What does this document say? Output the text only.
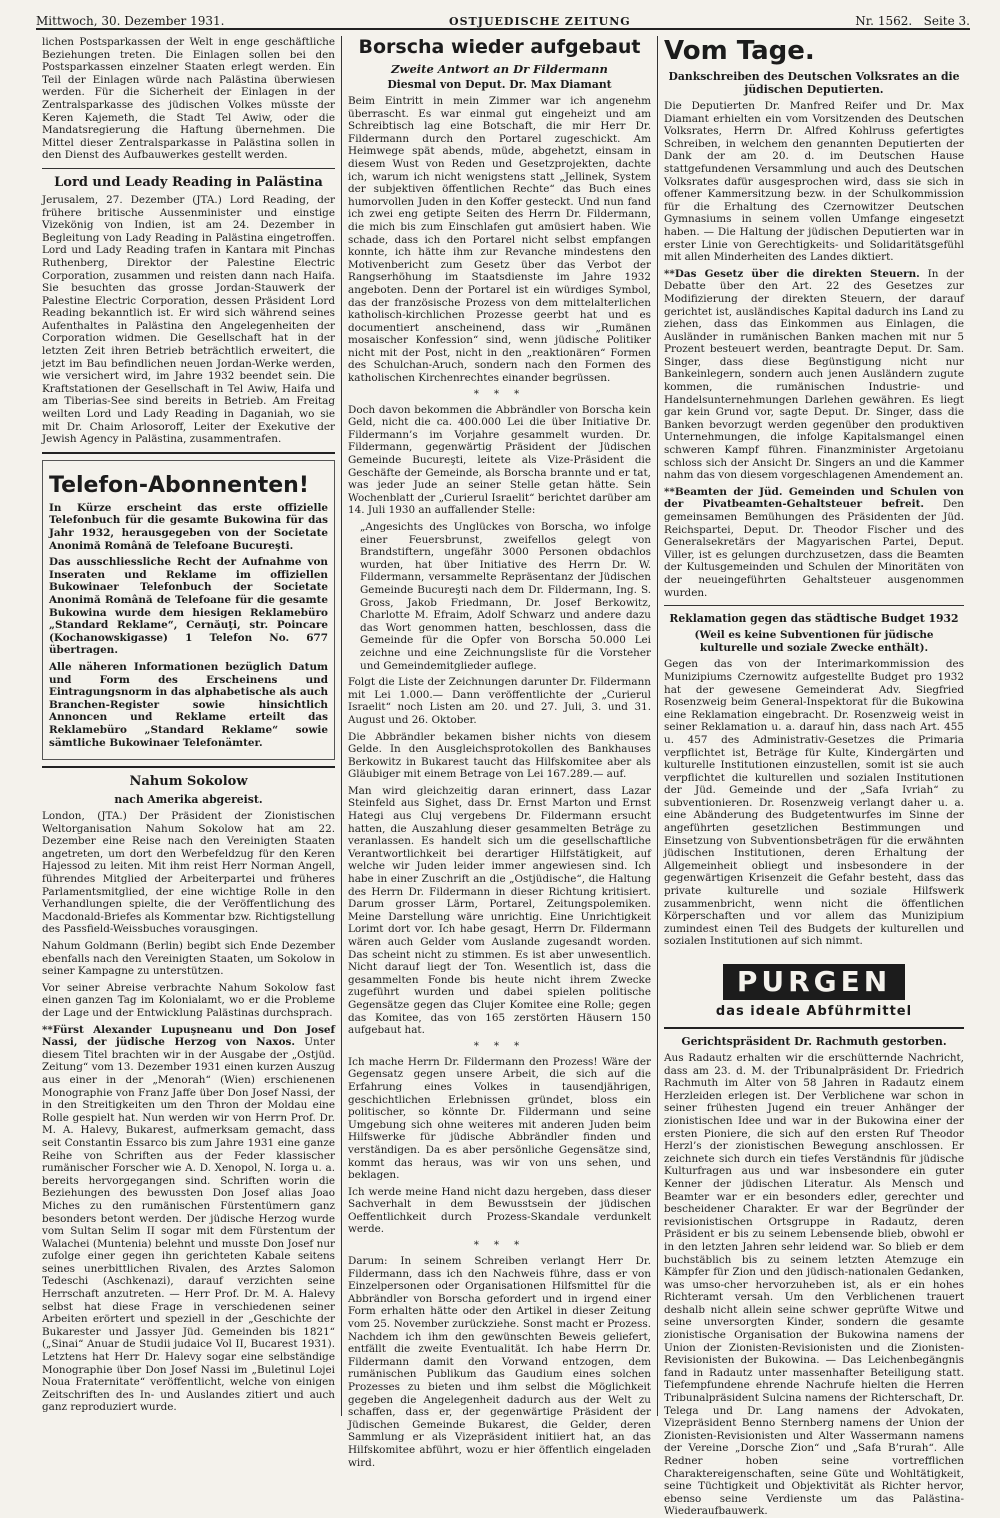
Mittwoch, 30. Dezember 1931.	OSTJUEDISCHE ZEITUNG	Nr. 1562. Seite 3.

lichen Postsparkassen der Welt in enge geschäftliche Beziehungen treten. Die Einlagen sollen bei den Postsparkassen einzelner Staaten erlegt werden. Ein Teil der Einlagen würde nach Palästina überwiesen werden. Für die Sicherheit der Einlagen in der Zentralsparkasse des jüdischen Volkes müsste der Keren Kajemeth, die Stadt Tel Awiw, oder die Mandatsregierung die Haftung übernehmen. Die Mittel dieser Zentralsparkasse in Palästina sollen in den Dienst des Aufbauwerkes gestellt werden.

Lord und Leady Reading in Palästina

Jerusalem, 27. Dezember (JTA.) Lord Reading, der frühere britische Aussenminister und einstige Vizekönig von Indien, ist am 24. Dezember in Begleitung von Lady Reading in Palästina eingetroffen. Lord und Lady Reading trafen in Kantara mit Pinchas Ruthenberg, Direktor der Palestine Electric Corporation, zusammen und reisten dann nach Haifa. Sie besuchten das grosse Jordan-Stauwerk der Palestine Electric Corporation, dessen Präsident Lord Reading bekanntlich ist. Er wird sich während seines Aufenthaltes in Palästina den Angelegenheiten der Corporation widmen. Die Gesellschaft hat in der letzten Zeit ihren Betrieb beträchtlich erweitert, die jetzt im Bau befindlichen neuen Jordan-Werke werden, wie versichert wird, im Jahre 1932 beendet sein. Die Kraftstationen der Gesellschaft in Tel Awiw, Haifa und am Tiberias-See sind bereits in Betrieb. Am Freitag weilten Lord und Lady Reading in Daganiah, wo sie mit Dr. Chaim Arlosoroff, Leiter der Exekutive der Jewish Agency in Palästina, zusammentrafen.

Telefon-Abonnenten!

In Kürze erscheint das erste offizielle Telefonbuch für die gesamte Bukowina für das Jahr 1932, herausgegeben von der Societate Anonimă Română de Telefoane Bucureşti.

Das ausschliessliche Recht der Aufnahme von Inseraten und Reklame im offiziellen Bukowinaer Telefonbuch der Societate Anonimă Română de Telefoane für die gesamte Bukowina wurde dem hiesigen Reklamebüro „Standard Reklame“, Cernăuţi, str. Poincare (Kochanowskigasse) 1 Telefon No. 677 übertragen.

Alle näheren Informationen bezüglich Datum und Form des Erscheinens und Eintragungsnorm in das alphabetische als auch Branchen-Register sowie hinsichtlich Annoncen und Reklame erteilt das Reklamebüro „Standard Reklame“ sowie sämtliche Bukowinaer Telefonämter.

Nahum Sokolow
nach Amerika abgereist.

London, (JTA.) Der Präsident der Zionistischen Weltorganisation Nahum Sokolow hat am 22. Dezember eine Reise nach den Vereinigten Staaten angetreten, um dort den Werbefeldzug für den Keren Hajessod zu leiten. Mit ihm reist Herr Norman Angell, führendes Mitglied der Arbeiterpartei und früheres Parlamentsmitglied, der eine wichtige Rolle in den Verhandlungen spielte, die der Veröffentlichung des Macdonald-Briefes als Kommentar bzw. Richtigstellung des Passfield-Weissbuches vorausgingen.

Nahum Goldmann (Berlin) begibt sich Ende Dezember ebenfalls nach den Vereinigten Staaten, um Sokolow in seiner Kampagne zu unterstützen.

Vor seiner Abreise verbrachte Nahum Sokolow fast einen ganzen Tag im Kolonialamt, wo er die Probleme der Lage und der Entwicklung Palästinas durchsprach.

**Fürst Alexander Lupuşneanu und Don Josef Nassi, der jüdische Herzog von Naxos. Unter diesem Titel brachten wir in der Ausgabe der „Ostjüd. Zeitung“ vom 13. Dezember 1931 einen kurzen Auszug aus einer in der „Menorah“ (Wien) erschienenen Monographie von Franz Jaffe über Don Josef Nassi, der in den Streitigkeiten um den Thron der Moldau eine Rolle gespielt hat. Nun werden wir von Herrn Prof. Dr. M. A. Halevy, Bukarest, aufmerksam gemacht, dass seit Constantin Essarco bis zum Jahre 1931 eine ganze Reihe von Schriften aus der Feder klassischer rumänischer Forscher wie A. D. Xenopol, N. Iorga u. a. bereits hervorgegangen sind. Schriften worin die Beziehungen des bewussten Don Josef alias Joao Miches zu den rumänischen Fürstentümern ganz besonders betont werden. Der jüdische Herzog wurde vom Sultan Selim II sogar mit dem Fürstentum der Walachei (Muntenia) belehnt und musste Don Josef nur zufolge einer gegen ihn gerichteten Kabale seitens seines unerbittlichen Rivalen, des Arztes Salomon Tedeschi (Aschkenazi), darauf verzichten seine Herrschaft anzutreten. — Herr Prof. Dr. M. A. Halevy selbst hat diese Frage in verschiedenen seiner Arbeiten erörtert und speziell in der „Geschichte der Bukarester und Jassyer Jüd. Gemeinden bis 1821“ („Sinai“ Anuar de Studii judaice Vol II, Bucarest 1931). Letztens hat Herr Dr. Halevy sogar eine selbständige Monographie über Don Josef Nassi im „Buletinul Lojei Noua Fraternitate“ veröffentlicht, welche von einigen Zeitschriften des In- und Auslandes zitiert und auch ganz reproduziert wurde.

Borscha wieder aufgebaut
Zweite Antwort an Dr Fildermann
Diesmal von Deput. Dr. Max Diamant

Beim Eintritt in mein Zimmer war ich angenehm überrascht. Es war einmal gut eingeheizt und am Schreibtisch lag eine Botschaft, die mir Herr Dr. Fildermann durch den Portarel zugeschickt. Am Heimwege spät abends, müde, abgehetzt, einsam in diesem Wust von Reden und Gesetzprojekten, dachte ich, warum ich nicht wenigstens statt „Jellinek, System der subjektiven öffentlichen Rechte“ das Buch eines humorvollen Juden in den Koffer gesteckt. Und nun fand ich zwei eng getipte Seiten des Herrn Dr. Fildermann, die mich bis zum Einschlafen gut amüsiert haben. Wie schade, dass ich den Portarel nicht selbst empfangen konnte, ich hätte ihm zur Revanche mindestens den Motivenbericht zum Gesetz über das Verbot der Rangserhöhung im Staatsdienste im Jahre 1932 angeboten. Denn der Portarel ist ein würdiges Symbol, das der französische Prozess von dem mittelalterlichen katholisch-kirchlichen Prozesse geerbt hat und es documentiert anscheinend, dass wir „Rumänen mosaischer Konfession“ sind, wenn jüdische Politiker nicht mit der Post, nicht in den „reaktionären“ Formen des Schulchan-Aruch, sondern nach den Formen des katholischen Kirchenrechtes einander begrüssen.

* * *

Doch davon bekommen die Abbrändler von Borscha kein Geld, nicht die ca. 400.000 Lei die über Initiative Dr. Fildermann’s im Vorjahre gesammelt wurden. Dr. Fildermann, gegenwärtig Präsident der Jüdischen Gemeinde Bucureşti, leitete als Vize-Präsident die Geschäfte der Gemeinde, als Borscha brannte und er tat, was jeder Jude an seiner Stelle getan hätte. Sein Wochenblatt der „Curierul Israelit“ berichtet darüber am 14. Juli 1930 an auffallender Stelle:

„Angesichts des Unglückes von Borscha, wo infolge einer Feuersbrunst, zweifellos gelegt von Brandstiftern, ungefähr 3000 Personen obdachlos wurden, hat über Initiative des Herrn Dr. W. Fildermann, versammelte Repräsentanz der Jüdischen Gemeinde Bucureşti nach dem Dr. Fildermann, Ing. S. Gross, Jakob Friedmann, Dr. Josef Berkowitz, Charlotte M. Efraim, Adolf Schwarz und andere dazu das Wort genommen hatten, beschlossen, dass die Gemeinde für die Opfer von Borscha 50.000 Lei zeichne und eine Zeichnungsliste für die Vorsteher und Gemeindemitglieder auflege.

Folgt die Liste der Zeichnungen darunter Dr. Fildermann mit Lei 1.000.— Dann veröffentlichte der „Curierul Israelit“ noch Listen am 20. und 27. Juli, 3. und 31. August und 26. Oktober.

Die Abbrändler bekamen bisher nichts von diesem Gelde. In den Ausgleichsprotokollen des Bankhauses Berkowitz in Bukarest taucht das Hilfskomitee aber als Gläubiger mit einem Betrage von Lei 167.289.— auf.

Man wird gleichzeitig daran erinnert, dass Lazar Steinfeld aus Sighet, dass Dr. Ernst Marton und Ernst Hategi aus Cluj vergebens Dr. Fildermann ersucht hatten, die Auszahlung dieser gesammelten Beträge zu veranlassen. Es handelt sich um die gesellschaftliche Verantwortlichkeit bei derartiger Hilfstätigkeit, auf welche wir Juden leider immer angewiesen sind. Ich habe in einer Zuschrift an die „Ostjüdische“, die Haltung des Herrn Dr. Fildermann in dieser Richtung kritisiert. Darum grosser Lärm, Portarel, Zeitungspolemiken. Meine Darstellung wäre unrichtig. Eine Unrichtigkeit Lorimt dort vor. Ich habe gesagt, Herrn Dr. Fildermann wären auch Gelder vom Auslande zugesandt worden. Das scheint nicht zu stimmen. Es ist aber unwesentlich. Nicht darauf liegt der Ton. Wesentlich ist, dass die gesammelten Fonde bis heute nicht ihrem Zwecke zugeführt wurden und dabei spielen politische Gegensätze gegen das Clujer Komitee eine Rolle; gegen das Komitee, das von 165 zerstörten Häusern 150 aufgebaut hat.

* * *

Ich mache Herrn Dr. Fildermann den Prozess! Wäre der Gegensatz gegen unsere Arbeit, die sich auf die Erfahrung eines Volkes in tausendjährigen, geschichtlichen Erlebnissen gründet, bloss ein politischer, so könnte Dr. Fildermann und seine Umgebung sich ohne weiteres mit anderen Juden beim Hilfswerke für jüdische Abbrändler finden und verständigen. Da es aber persönliche Gegensätze sind, kommt das heraus, was wir von uns sehen, und beklagen.

Ich werde meine Hand nicht dazu hergeben, dass dieser Sachverhalt in dem Bewusstsein der jüdischen Oeffentlichkeit durch Prozess-Skandale verdunkelt werde.

* * *

Darum: In seinem Schreiben verlangt Herr Dr. Fildermann, dass ich den Nachweis führe, dass er von Einzelpersonen oder Organisationen Hilfsmittel für die Abbrändler von Borscha gefordert und in irgend einer Form erhalten hätte oder den Artikel in dieser Zeitung vom 25. November zurückziehe. Sonst macht er Prozess. Nachdem ich ihm den gewünschten Beweis geliefert, entfällt die zweite Eventualität. Ich habe Herrn Dr. Fildermann damit den Vorwand entzogen, dem rumänischen Publikum das Gaudium eines solchen Prozesses zu bieten und ihm selbst die Möglichkeit gegeben die Angelegenheit dadurch aus der Welt zu schaffen, dass er, der gegenwärtige Präsident der Jüdischen Gemeinde Bukarest, die Gelder, deren Sammlung er als Vizepräsident initiiert hat, an das Hilfskomitee abführt, wozu er hier öffentlich eingeladen wird.

Vom Tage.
Dankschreiben des Deutschen Volksrates an die jüdischen Deputierten.

Die Deputierten Dr. Manfred Reifer und Dr. Max Diamant erhielten ein vom Vorsitzenden des Deutschen Volksrates, Herrn Dr. Alfred Kohlruss gefertigtes Schreiben, in welchem den genannten Deputierten der Dank der am 20. d. im Deutschen Hause stattgefundenen Versammlung und auch des Deutschen Volksrates dafür ausgesprochen wird, dass sie sich in offener Kammersitzung bezw. in der Schulkommission für die Erhaltung des Czernowitzer Deutschen Gymnasiums in seinem vollen Umfange eingesetzt haben. — Die Haltung der jüdischen Deputierten war in erster Linie von Gerechtigkeits- und Solidaritätsgefühl mit allen Minderheiten des Landes diktiert.

**Das Gesetz über die direkten Steuern. In der Debatte über den Art. 22 des Gesetzes zur Modifizierung der direkten Steuern, der darauf gerichtet ist, ausländisches Kapital dadurch ins Land zu ziehen, dass das Einkommen aus Einlagen, die Ausländer in rumänischen Banken machen mit nur 5 Prozent besteuert werden, beantragte Deput. Dr. Sam. Singer, dass diese Begünstigung nicht nur Bankeinlegern, sondern auch jenen Ausländern zugute kommen, die rumänischen Industrie- und Handelsunternehmungen Darlehen gewähren. Es liegt gar kein Grund vor, sagte Deput. Dr. Singer, dass die Banken bevorzugt werden gegenüber den produktiven Unternehmungen, die infolge Kapitalsmangel einen schweren Kampf führen. Finanzminister Argetoianu schloss sich der Ansicht Dr. Singers an und die Kammer nahm das von diesem vorgeschlagenen Amendement an.

**Beamten der Jüd. Gemeinden und Schulen von der Pivatbeamten-Gehaltsteuer befreit. Den gemeinsamen Bemühungen des Präsidenten der Jüd. Reichspartei, Deput. Dr. Theodor Fischer und des Generalsekretärs der Magyarischen Partei, Deput. Viller, ist es gelungen durchzusetzen, dass die Beamten der Kultusgemeinden und Schulen der Minoritäten von der neueingeführten Gehaltsteuer ausgenommen wurden.

Reklamation gegen das städtische Budget 1932

(Weil es keine Subventionen für jüdische kulturelle und soziale Zwecke enthält).

Gegen das von der Interimarkommission des Munizipiums Czernowitz aufgestellte Budget pro 1932 hat der gewesene Gemeinderat Adv. Siegfried Rosenzweig beim General-Inspektorat für die Bukowina eine Reklamation eingebracht. Dr. Rosenzweig weist in seiner Reklamation u. a. darauf hin, dass nach Art. 455 u. 457 des Administrativ-Gesetzes die Primaria verpflichtet ist, Beträge für Kulte, Kindergärten und kulturelle Institutionen einzustellen, somit ist sie auch verpflichtet die kulturellen und sozialen Institutionen der Jüd. Gemeinde und der „Safa Ivriah“ zu subventionieren. Dr. Rosenzweig verlangt daher u. a. eine Abänderung des Budgetentwurfes im Sinne der angeführten gesetzlichen Bestimmungen und Einsetzung von Subventionsbeträgen für die erwähnten jüdischen Institutionen, deren Erhaltung der Allgemeinheit obliegt und insbesondere in der gegenwärtigen Krisenzeit die Gefahr besteht, dass das private kulturelle und soziale Hilfswerk zusammenbricht, wenn nicht die öffentlichen Körperschaften und vor allem das Munizipium zumindest einen Teil des Budgets der kulturellen und sozialen Institutionen auf sich nimmt.

PURGEN
das ideale Abführmittel
Gerichtspräsident Dr. Rachmuth gestorben.

Aus Radautz erhalten wir die erschütternde Nachricht, dass am 23. d. M. der Tribunalpräsident Dr. Friedrich Rachmuth im Alter von 58 Jahren in Radautz einem Herzleiden erlegen ist. Der Verblichene war schon in seiner frühesten Jugend ein treuer Anhänger der zionistischen Idee und war in der Bukowina einer der ersten Pioniere, die sich auf den ersten Ruf Theodor Herzl’s der zionistischen Bewegung anschlossen. Er zeichnete sich durch ein tiefes Verständnis für jüdische Kulturfragen aus und war insbesondere ein guter Kenner der jüdischen Literatur. Als Mensch und Beamter war er ein besonders edler, gerechter und bescheidener Charakter. Er war der Begründer der revisionistischen Ortsgruppe in Radautz, deren Präsident er bis zu seinem Lebensende blieb, obwohl er in den letzten Jahren sehr leidend war. So blieb er dem buchstäblich bis zu seinem letzten Atemzuge ein Kämpfer für Zion und den jüdisch-nationalen Gedanken, was umso-cher hervorzuheben ist, als er ein hohes Richteramt versah. Um den Verblichenen trauert deshalb nicht allein seine schwer geprüfte Witwe und seine unversorgten Kinder, sondern die gesamte zionistische Organisation der Bukowina namens der Union der Zionisten-Revisionisten und die Zionisten-Revisionisten der Bukowina. — Das Leichenbegängnis fand in Radautz unter massenhafter Beteiligung statt. Tiefempfundene ehrende Nachrufe hielten die Herren Tribunalpräsident Sulcina namens der Richterschaft, Dr. Telega und Dr. Lang namens der Advokaten, Vizepräsident Benno Sternberg namens der Union der Zionisten-Revisionisten und Alter Wassermann namens der Vereine „Dorsche Zion“ und „Safa B’rurah“. Alle Redner hoben seine vortrefflichen Charaktereigenschaften, seine Güte und Wohltätigkeit, seine Tüchtigkeit und Objektivität als Richter hervor, ebenso seine Verdienste um das Palästina-Wiederaufbauwerk.
